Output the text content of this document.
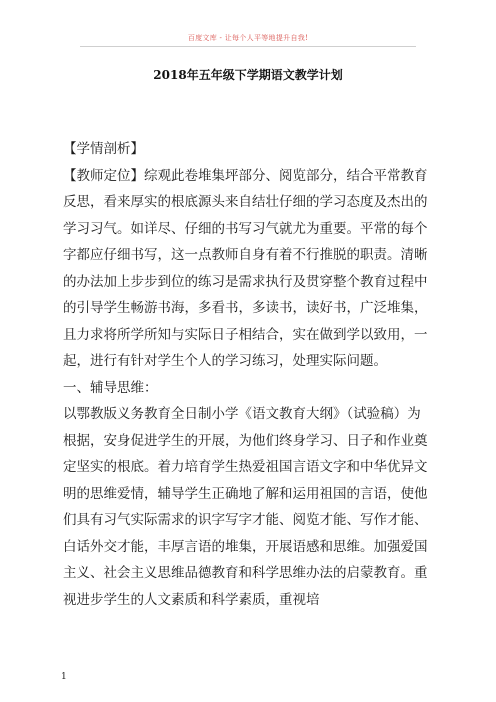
百度文库 - 让每个人平等地提升自我!
2018年五年级下学期语文教学计划

【学情剖析】

【教师定位】综观此卷堆集坪部分、阅览部分，结合平常教育反思，看来厚实的根底源头来自结壮仔细的学习态度及杰出的学习习气。如详尽、仔细的书写习气就尤为重要。平常的每个字都应仔细书写，这一点教师自身有着不行推脱的职责。清晰的办法加上步步到位的练习是需求执行及贯穿整个教育过程中的引导学生畅游书海，多看书，多读书，读好书，广泛堆集，且力求将所学所知与实际日子相结合，实在做到学以致用，一起，进行有针对学生个人的学习练习，处理实际问题。

一、辅导思维：

以鄂教版义务教育全日制小学《语文教育大纲》（试验稿）为根据，安身促进学生的开展，为他们终身学习、日子和作业奠定坚实的根底。着力培育学生热爱祖国言语文字和中华优异文明的思维爱情，辅导学生正确地了解和运用祖国的言语，使他们具有习气实际需求的识字写字才能、阅览才能、写作才能、白话外交才能，丰厚言语的堆集，开展语感和思维。加强爱国主义、社会主义思维品德教育和科学思维办法的启蒙教育。重视进步学生的人文素质和科学素质，重视培

1
